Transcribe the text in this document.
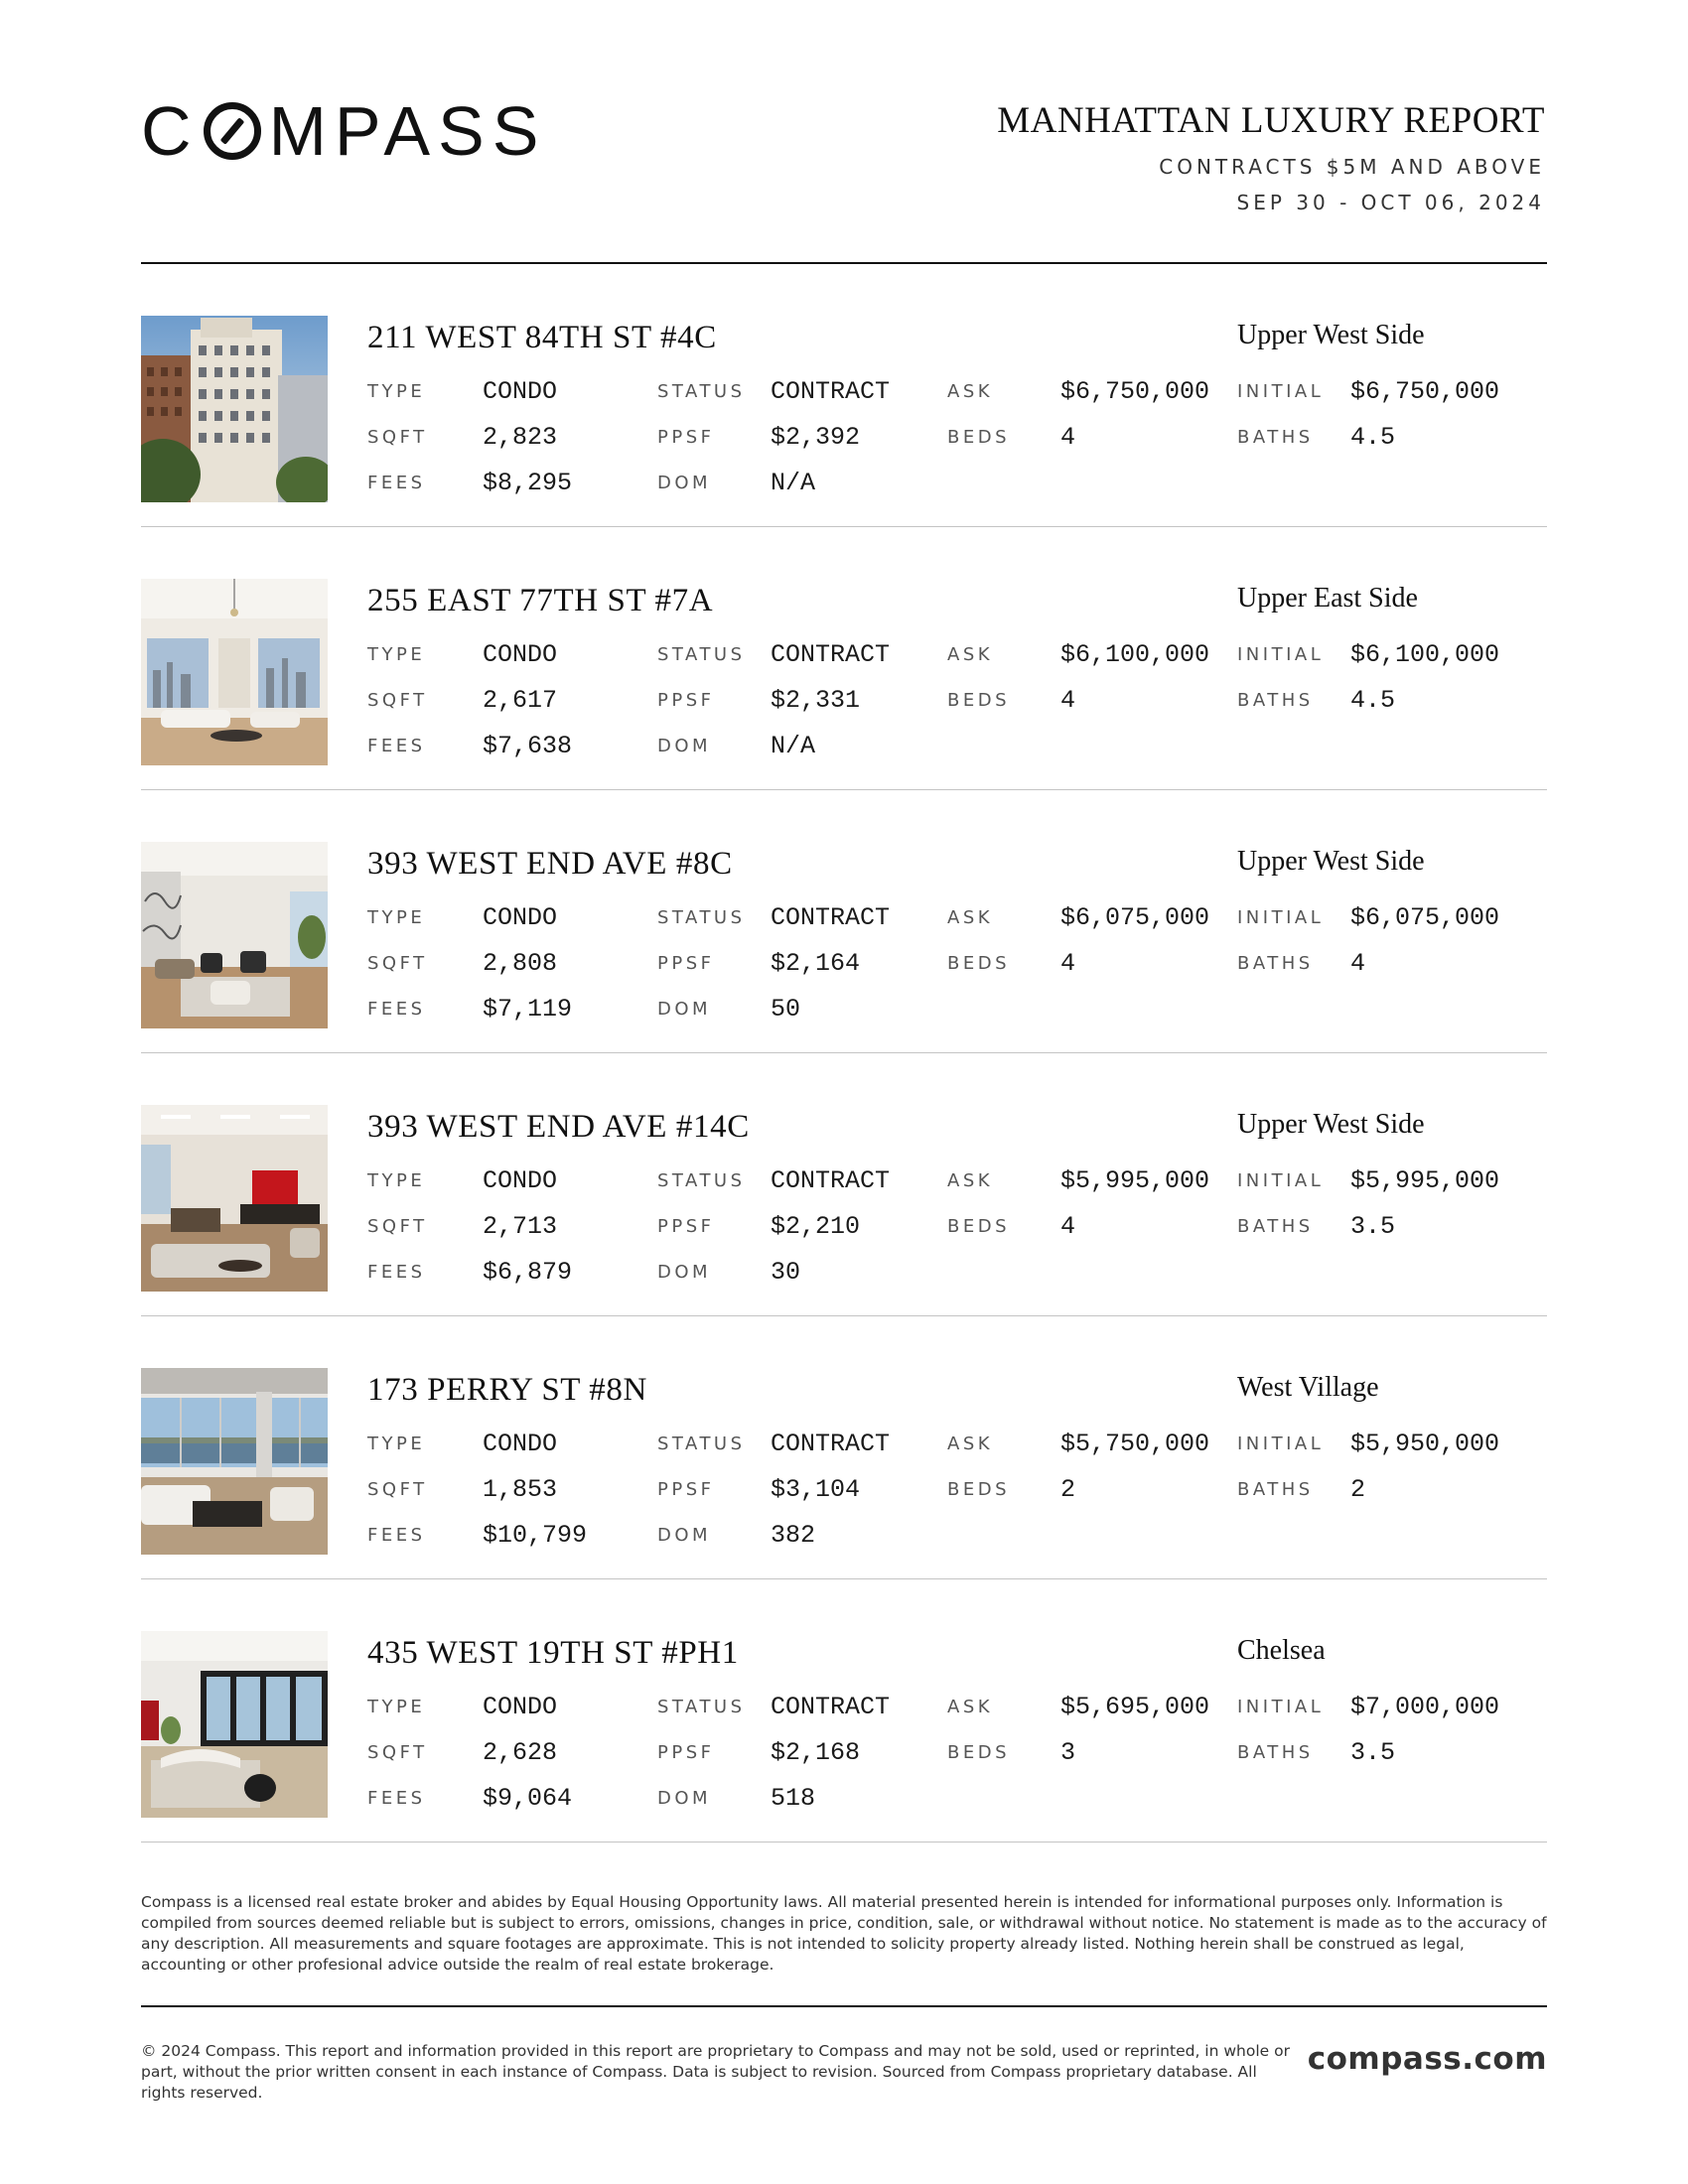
C MPASS	MANHATTAN LUXURY REPORT
CONTRACTS $5M AND ABOVE
SEP 30 - OCT 06, 2024
211 WEST 84TH ST #4C	Upper West Side
TYPE CONDO	STATUS CONTRACT	ASK	$6,750,000 INITIAL $6,750,000
SQFT 2,823	PPSF $2,392	BEDS 4	BATHS 4.5
FEES $8,295	DOM N/A
255 EAST 77TH ST #7A	Upper East Side
TYPE CONDO	STATUS CONTRACT	ASK	$6,100,000 INITIAL $6,100,000
SQFT 2,617	PPSF $2,331	BEDS 4	BATHS 4.5
FEES $7,638	DOM N/A
393 WEST END AVE #8C	Upper West Side
TYPE CONDO	STATUS CONTRACT	ASK	$6,075,000 INITIAL $6,075,000
SQFT 2,808	PPSF $2,164	BEDS 4	BATHS 4
FEES $7,119	DOM 50
393 WEST END AVE #14C	Upper West Side
TYPE CONDO	STATUS CONTRACT	ASK	$5,995,000 INITIAL $5,995,000
SQFT 2,713	PPSF $2,210	BEDS 4	BATHS 3.5
FEES $6,879	DOM 30
173 PERRY ST #8N	West Village
TYPE CONDO	STATUS CONTRACT	ASK	$5,750,000 INITIAL $5,950,000
SQFT 1,853	PPSF $3,104	BEDS 2	BATHS 2
FEES $10,799	DOM 382
435 WEST 19TH ST #PH1	Chelsea
TYPE CONDO	STATUS CONTRACT	ASK	$5,695,000 INITIAL $7,000,000
SQFT 2,628	PPSF $2,168	BEDS 3	BATHS 3.5
FEES $9,064	DOM 518
Compass is a licensed real estate broker and abides by Equal Housing Opportunity laws. All material presented herein is intended for informational purposes only. Information is compiled from sources deemed reliable but is subject to errors, omissions, changes in price, condition, sale, or withdrawal without notice. No statement is made as to the accuracy of any description. All measurements and square footages are approximate. This is not intended to solicity property already listed. Nothing herein shall be construed as legal, accounting or other profesional advice outside the realm of real estate brokerage.
© 2024 Compass. This report and information provided in this report are proprietary to Compass and may not be sold, used or reprinted, in whole or part, without the prior written consent in each instance of Compass. Data is subject to revision. Sourced from Compass proprietary database. All rights reserved.
compass.com
